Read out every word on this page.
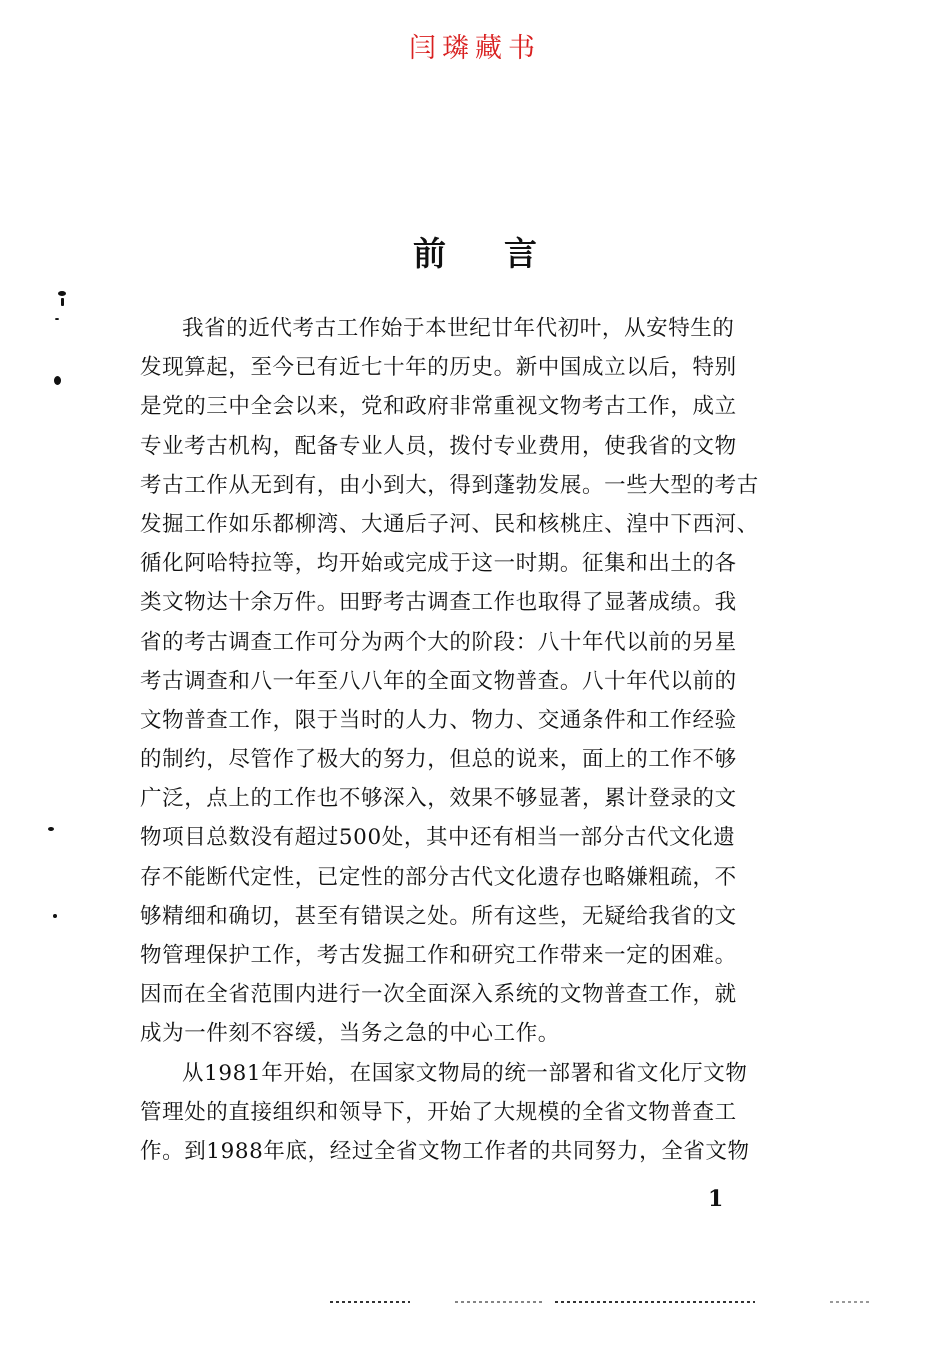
闫璘藏书
前 言
我省的近代考古工作始于本世纪廿年代初叶，从安特生的
发现算起，至今已有近七十年的历史。新中国成立以后，特别
是党的三中全会以来，党和政府非常重视文物考古工作，成立
专业考古机构，配备专业人员，拨付专业费用，使我省的文物
考古工作从无到有，由小到大，得到蓬勃发展。一些大型的考古
发掘工作如乐都柳湾、大通后子河、民和核桃庄、湟中下西河、
循化阿哈特拉等，均开始或完成于这一时期。征集和出土的各
类文物达十余万件。田野考古调查工作也取得了显著成绩。我
省的考古调查工作可分为两个大的阶段：八十年代以前的另星
考古调查和八一年至八八年的全面文物普查。八十年代以前的
文物普查工作，限于当时的人力、物力、交通条件和工作经验
的制约，尽管作了极大的努力，但总的说来，面上的工作不够
广泛，点上的工作也不够深入，效果不够显著，累计登录的文
物项目总数没有超过500处，其中还有相当一部分古代文化遗
存不能断代定性，已定性的部分古代文化遗存也略嫌粗疏，不
够精细和确切，甚至有错误之处。所有这些，无疑给我省的文
物管理保护工作，考古发掘工作和研究工作带来一定的困难。
因而在全省范围内进行一次全面深入系统的文物普查工作，就
成为一件刻不容缓，当务之急的中心工作。
从1981年开始，在国家文物局的统一部署和省文化厅文物
管理处的直接组织和领导下，开始了大规模的全省文物普查工
作。到1988年底，经过全省文物工作者的共同努力，全省文物
1
